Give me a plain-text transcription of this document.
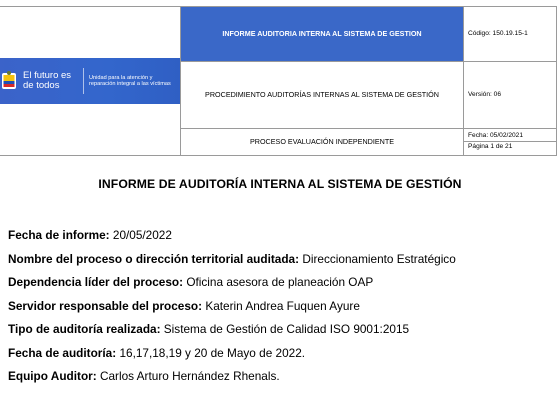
El futuro es de todos
Unidad para la atención y reparación integral a las víctimas	INFORME AUDITORIA INTERNA AL SISTEMA DE GESTION	Código: 150.19.15-1
	PROCEDIMIENTO AUDITORÍAS INTERNAS AL SISTEMA DE GESTIÓN	Versión: 06
	PROCESO EVALUACIÓN INDEPENDIENTE	Fecha: 05/02/2021
Página 1 de 21
INFORME DE AUDITORÍA INTERNA AL SISTEMA DE GESTIÓN
Fecha de informe: 20/05/2022
Nombre del proceso o dirección territorial auditada: Direccionamiento Estratégico
Dependencia líder del proceso: Oficina asesora de planeación OAP
Servidor responsable del proceso: Katerin Andrea Fuquen Ayure
Tipo de auditoría realizada: Sistema de Gestión de Calidad ISO 9001:2015
Fecha de auditoría: 16,17,18,19 y 20 de Mayo de 2022.
Equipo Auditor: Carlos Arturo Hernández Rhenals.
